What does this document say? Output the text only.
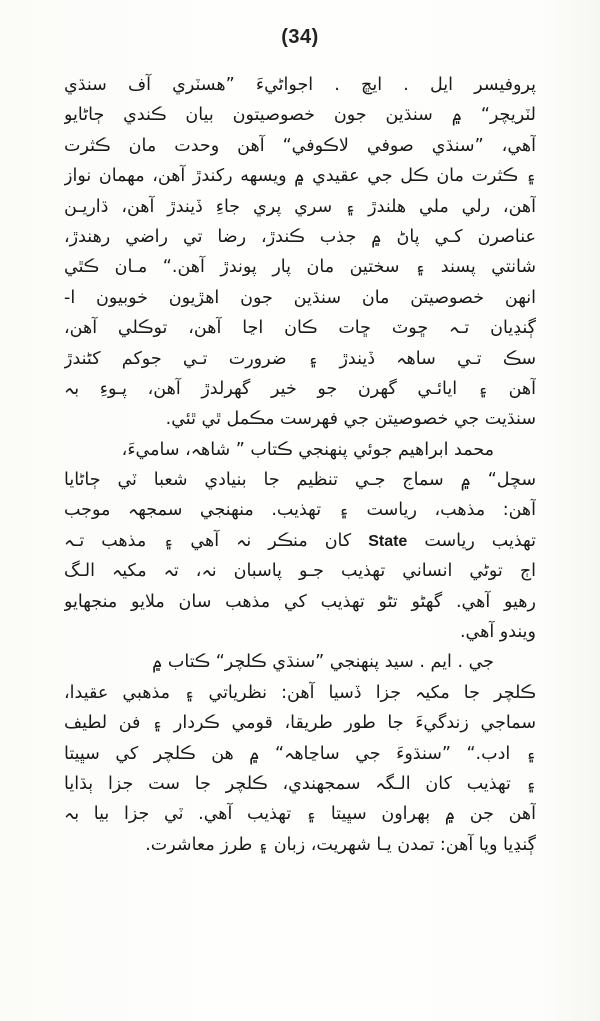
(34)
پروفيسر ايل . ايڇ . اجواڻيءَ ”هسٽري آف سنڌي
لٽريچر“ ۾ سنڌين جون خصوصيتون بيان ڪندي ڄاڻايو
آهي، ”سنڌي صوفي لاڪوفي“ آهن وحدت مان ڪثرت
۽ ڪثرت مان ڪل جي عقيدي ۾ ويسهه رکندڙ آهن، مهمان نواز
آهن، رلي ملي هلندڙ ۽ سري پري جاءِ ڏيندڙ آهن، ڌاريـن
عناصرن کـي پاڻ ۾ جذب ڪندڙ، رضا تي راضي رهندڙ،
شانتي پسند ۽ سختين مان پار پوندڙ آهن.“ مـان ڪٿي
انهن خصوصيتن مان سنڌين جون اهڙيون خوبيون ا-
ڳنڍيان تـہ ڇوٽ ڇات ڪان اڃا آهن، توڪلي آهن،
سڪ تـي ساهہ ڏيندڙ ۽ ضرورت تـي جوکم کڻندڙ
آهن ۽ ايائـي گهرن جو خير گهرلدڙ آهن، پـوءِ بہ
سنڌيت جي خصوصيتن جي فهرست مڪمل ٿي ٿئي.
محمد ابراهيم جوئي پنهنجي ڪتاب ” شاهہ، ساميءَ،
سچل“ ۾ سماج جـي تنظيم جا بنيادي شعبا ٽي ڄاڻايا
آهن: مذهب، رياست ۽ تهذيب. منهنجي سمجهہ موجب
تهذيب رياست State کان منڪر نہ آهي ۽ مذهب تـہ
اڄ توڻي انساني تهذيب جـو پاسبان نہ، تہ مکيہ الـگ
رهيو آهي. گهڻو تڻو تهذيب کي مذهب سان ملايو منجهايو
ويندو آهي.
جي . ايم . سيد پنهنجي ”سنڌي ڪلچر“ ڪتاب ۾
ڪلچر جا مکيہ جزا ڏسيا آهن: نظرياتي ۽ مذهبي عقيدا،
سماجي زندگيءَ جا طور طريقا، قومي ڪردار ۽ فن لطيف
۽ ادب.“ ”سنڌوءَ جي ساڃاهہ“ ۾ هن ڪلچر کي سڀيتا
۽ تهذيب کان الـگہ سمجهندي، ڪلچر جا ست جزا ٻڌايا
آهن جن ۾ ٻهراون سڀيتا ۽ تهذيب آهي. ٽي جزا بيا بہ
ڳنڍيا ويا آهن: تمدن يـا شهريت، زبان ۽ طرز معاشرت.
